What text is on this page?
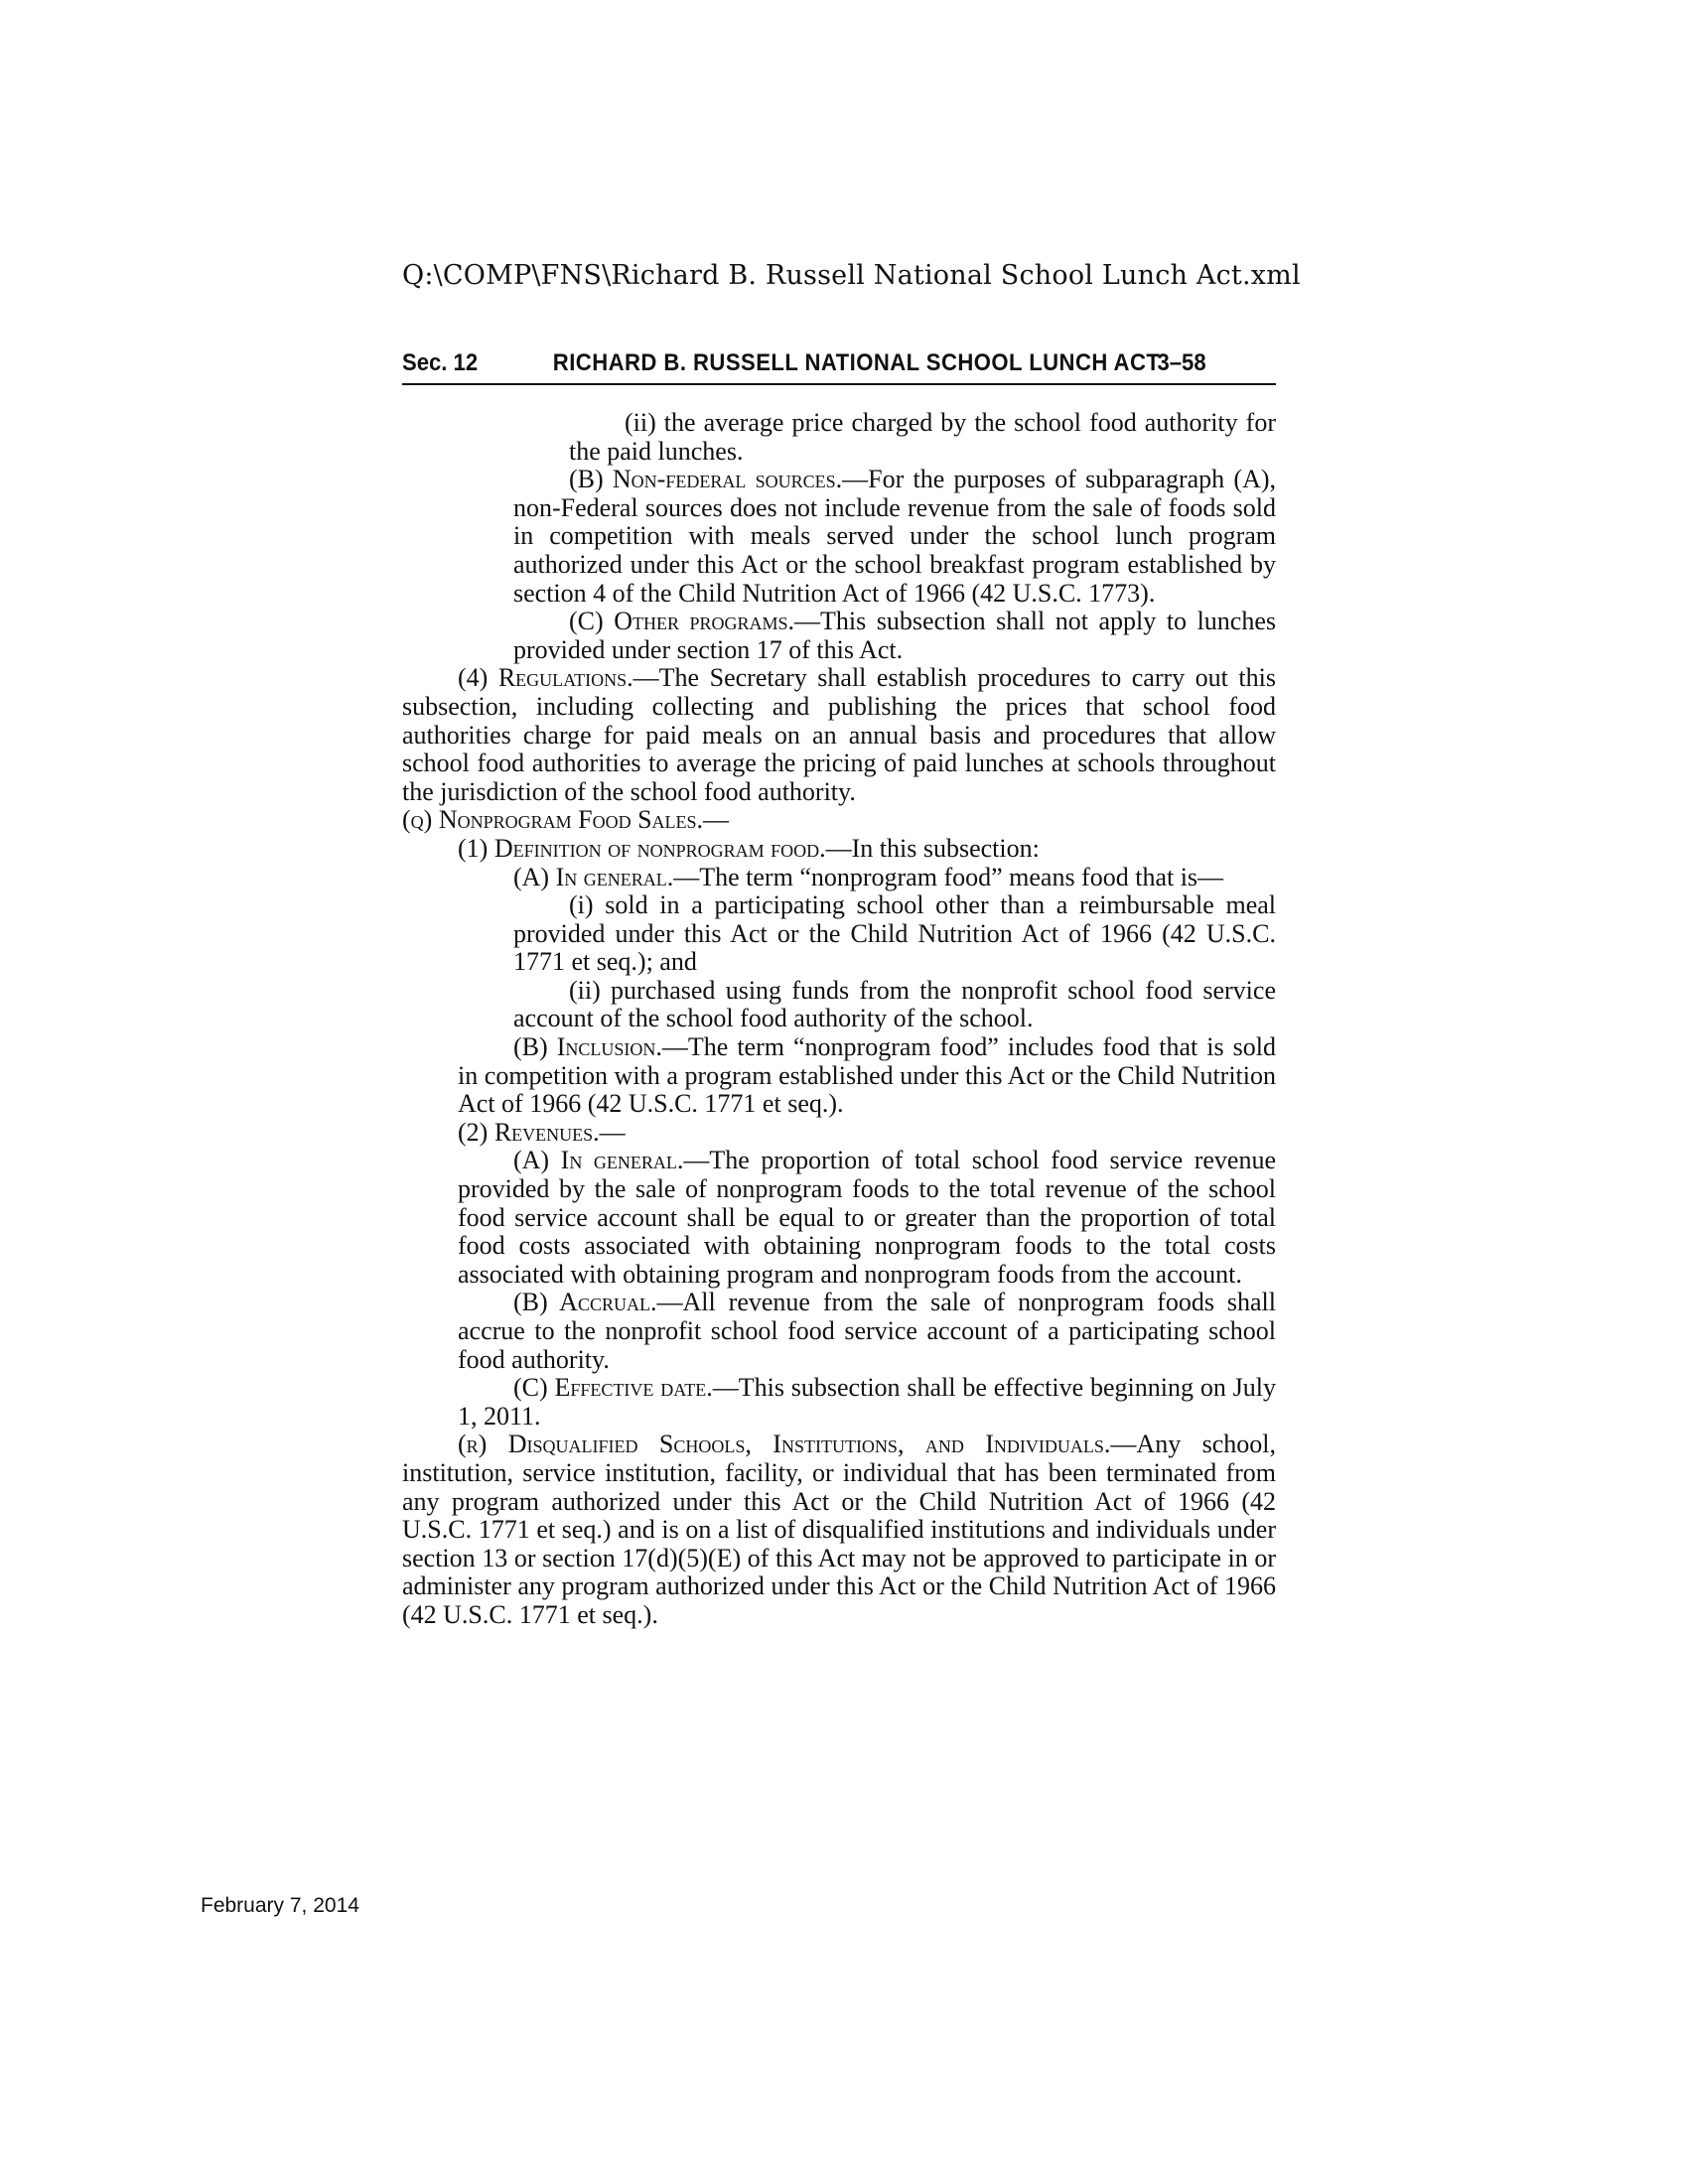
Q:\COMP\FNS\Richard B. Russell National School Lunch Act.xml
Sec. 12	RICHARD B. RUSSELL NATIONAL SCHOOL LUNCH ACT
3–58

(ii) the average price charged by the school food authority for the paid lunches.

(B) Non-federal sources.—For the purposes of subparagraph (A), non-Federal sources does not include revenue from the sale of foods sold in competition with meals served under the school lunch program authorized under this Act or the school breakfast program established by section 4 of the Child Nutrition Act of 1966 (42 U.S.C. 1773).

(C) Other programs.—This subsection shall not apply to lunches provided under section 17 of this Act.

(4) Regulations.—The Secretary shall establish procedures to carry out this subsection, including collecting and publishing the prices that school food authorities charge for paid meals on an annual basis and procedures that allow school food authorities to average the pricing of paid lunches at schools throughout the jurisdiction of the school food authority.

(q) Nonprogram Food Sales.—

(1) Definition of nonprogram food.—In this subsection:

(A) In general.—The term “nonprogram food” means food that is—

(i) sold in a participating school other than a reimbursable meal provided under this Act or the Child Nutrition Act of 1966 (42 U.S.C. 1771 et seq.); and

(ii) purchased using funds from the nonprofit school food service account of the school food authority of the school.

(B) Inclusion.—The term “nonprogram food” includes food that is sold in competition with a program established under this Act or the Child Nutrition Act of 1966 (42 U.S.C. 1771 et seq.).

(2) Revenues.—

(A) In general.—The proportion of total school food service revenue provided by the sale of nonprogram foods to the total revenue of the school food service account shall be equal to or greater than the proportion of total food costs associated with obtaining nonprogram foods to the total costs associated with obtaining program and nonprogram foods from the account.

(B) Accrual.—All revenue from the sale of nonprogram foods shall accrue to the nonprofit school food service account of a participating school food authority.

(C) Effective date.—This subsection shall be effective beginning on July 1, 2011.

(r) Disqualified Schools, Institutions, and Individuals.—Any school, institution, service institution, facility, or individual that has been terminated from any program authorized under this Act or the Child Nutrition Act of 1966 (42 U.S.C. 1771 et seq.) and is on a list of disqualified institutions and individuals under section 13 or section 17(d)(5)(E) of this Act may not be approved to participate in or administer any program authorized under this Act or the Child Nutrition Act of 1966 (42 U.S.C. 1771 et seq.).

February 7, 2014
